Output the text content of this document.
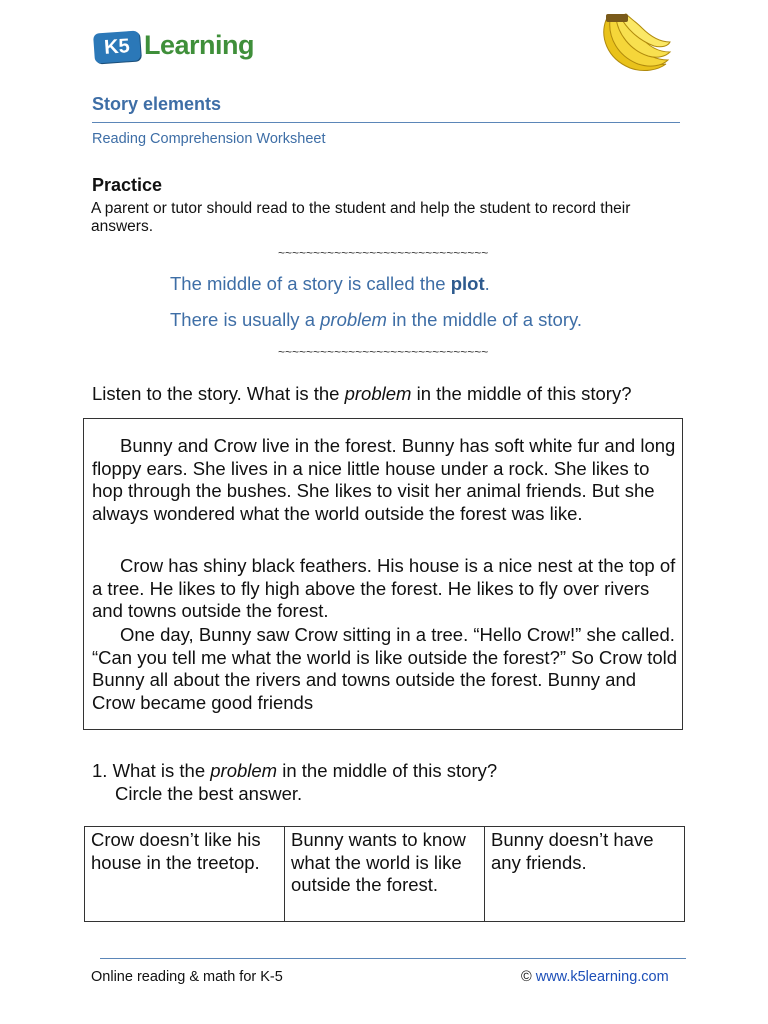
K5 Learning
Story elements
Reading Comprehension Worksheet
Practice
A parent or tutor should read to the student and help the student to record their answers.
~~~~~~~~~~~~~~~~~~~~~~~~~~~~~~
The middle of a story is called the plot.
There is usually a problem in the middle of a story.
~~~~~~~~~~~~~~~~~~~~~~~~~~~~~~
Listen to the story. What is the problem in the middle of this story?

Bunny and Crow live in the forest. Bunny has soft white fur and long floppy ears. She lives in a nice little house under a rock. She likes to hop through the bushes. She likes to visit her animal friends. But she always wondered what the world outside the forest was like.

Crow has shiny black feathers. His house is a nice nest at the top of a tree. He likes to fly high above the forest. He likes to fly over rivers and towns outside the forest.

One day, Bunny saw Crow sitting in a tree. “Hello Crow!” she called. “Can you tell me what the world is like outside the forest?” So Crow told Bunny all about the rivers and towns outside the forest. Bunny and Crow became good friends

1. What is the problem in the middle of this story?
Circle the best answer.
Crow doesn’t like his house in the treetop.	Bunny wants to know what the world is like outside the forest.	Bunny doesn’t have any friends.
Online reading & math for K-5	© www.k5learning.com
